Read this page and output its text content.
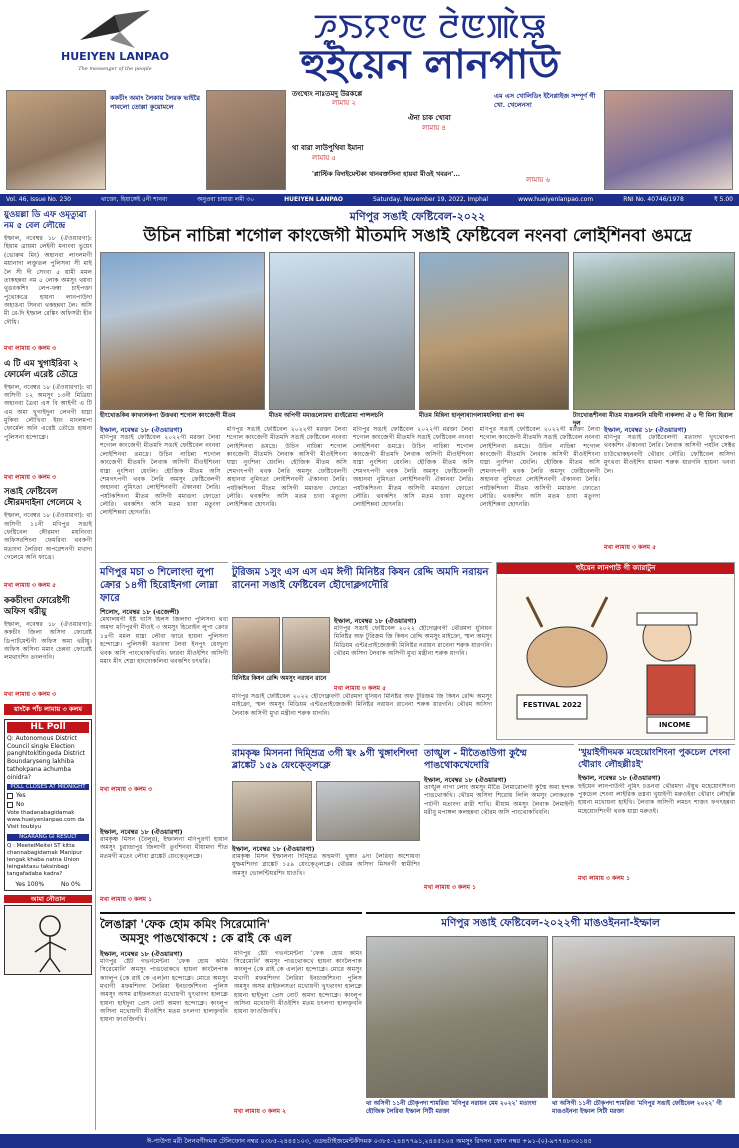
HUEIYEN LANPAO
The messenger of the people
ꯍꯨꯏꯌꯦꯟ ꯂꯥꯟꯄꯥꯎ
হুইয়েন লানপাউ
ককচীং অমাং লৈকায় লৈরক ভাইরৈ পাবলো তোল্লা কুয়োমলে
তংখ্যেং নাঃতমদু উরকপ্পে
লামায় ২
ঐনা চাক খোবা
লামায় ৪
থা বারা লাউপুথিবা ইমানা
লামায় ৫
'প্লাস্টিক বিদাইমেন্টকা থানবক্তসিনা হায়বা মীওই খবরন'...
এম এস খোলিডিং ইনৈপ্লাইজ সম্পূর্ণ গী খো. খেলেনসা
লামায় ৬
Vol. 46, Issue No. 230	থাক্তো, হিয়াঙ্গেই ৫নী শানবা	অনুপ্রবা চায়াৱা লমী ৩০	HUEIYEN LANPAO	Saturday, November 19, 2022, Imphal	www.hueiyenlanpao.com	RNI No. 40746/1978	₹ 5.00
য়ুওয়ল্লা ডি এফ ওমৃত্যুৱা নম ৫ বেল লৌন্দ্রে
ইম্ফাল, নবেম্বর ১৮ (ঐওয়ারগা): হিয়াম ত্রায়মা লেইনী মনাংবা ভুয়েং (ভোরুম মিং) অহানবা লাংলমগী ময়ানাদা লক্তুতল পুলিসনা সী মাই লৈ সী দী সেংবা ৫ য়ামী মমল তাকহন্নবা নম ৫ লোক অমসুং থয়বা থুঙবকশিং লেপ-ফম্বা চাইপক্তা পুথোকখ্রে হায়না লানপাউদা অহাঙবা সিনবা থকহন্নবা লৈ। অসি মী রে-দি ইম্ফাল রেঙ্কিং অফিসরী হীন দৌধি।
মখা লামায় ৩ কলম ৩
এ টি এম খুগাইরিবা ২ ফোর্মেল এরেষ্ট তৌদ্রে
ইম্ফাল, নবেম্বর ১৮ (ঐওয়ারগা): থা অসিগী ১২ অমসুং ১৩নী মিত্রিয়া অহানবা ত্রৈবা এস বি আইগী এ টি এম অমা খুগাইদুনা লেনগী য়াম্না মুকিবা লৌখিবা ইয়ং মাংলমপা ফোর্মেল অনি এরেষ্ট তৌদ্রে হায়না পুলিসনা হন্দোক্লে।
মখা লামায় ৩ কলম ৩
সঙাই ফেষ্টিবেল ঈৌরমদাইনা গেলেমে ২
ইম্ফাল, নবেম্বর ১৮ (ঐওয়ারগা): থা অসিগী ১১নী মণিপুর সঙাই ফেষ্টিবেল ঈৌরমদা ময়নিংবা অফিসরশিংনা ফেমরিবা থবকগী মতাংদা লৈরিবা অপরেশনগী মখাদা গেলেমে অনি ফাখ্রে।
মখা লামায় ৩ কলম ৫
ককচীংদা ফোরেষ্টগী অফিস থরীয়ু
ইম্ফাল, নবেম্বর ১৮ (ঐওয়ারগা): ককচীং জিলা অসিদা ফোরেষ্ট ডিপার্টমেন্টগী অফিস অমা থরীয়ু। অফিস অসিনা মমাং চেন্নবা ফোরেষ্ট লমথাংশিং তংলগনি।
মখা লামায় ৩ কলম ৩
য়াংকৈ পাঁচ লামায় ৩ কলম
HL Poll
Q: Autonomous District Council single Election panghltokltingeda District Boundaryseng lakhiba tathokpana achumba oinidra?
POLL CLOSES AT MIDNIGHT
Yes
No
Vote thadanabagidamak www.hueiyenlanpao.com da Visit toubiyu
NGARANG GI RESULT
Q : MeeteiMeitei ST kitta channabagidamak Manipur lengak khaba natna Union leingaktasu taksinbagi tangafadaba kadra?
Yes 100%	No 0%
আমা নৌতান
মণিপুর সঙাই ফেষ্টিবেল-২০২২
উচিন নাচিন্না শগোল কাংজেগী মীতমদি সঙাই ফেষ্টিবেল নংনবা লোইশিনবা ঙমদ্রে
হীংখোঙকিধ কাখংলকপা উত্তথবা শগোল কাংজেগী মীতম	মীতম অপিগী মমাঙলোমদা রাংইরোমা পান্সলচনি	মীতম মিন্নিনা হান্লাব্যাগলামযলিয়া রাপা কম	টাংখোঙশীনবা মীতম মাঙলমনি ময়িগী নাকলদা ঐ ৫ দী মিনা হিরাল দুল
ইম্ফাল, নবেম্বর ১৮ (ঐওয়ারগা)
মণিপুর সঙাই ফেষ্টিবেল ২০২২গী মরক্তা লৈবা শগোল কাংজেগী মীতমদি সঙাই ফেষ্টিবেল নংনবা লোইশিনবা ঙমদ্রে। উচিন নাচিন্না শগোল কাংজেগী মীতমদি লৈবাক অসিগী মীওইশিংনা যাম্না নুংশিনা য়েংলি। হৌজিক মীতম অসি শেমগৎপগী থবক লৈরি অমসুং ফেষ্টিবেলগী অহানবা নুমিৎতা লোইশিনবগী ঐকানবা লৈরি। পর্যটকশিংনা মীতম অসিগী মমাঙদা ফোতো লৌরি। থবকশিং অসি মতম চাবা মতুংদা লোইশিন্নবা হোৎনরি।
মণিপুর সঙাই ফেষ্টিবেল ২০২২গী মরক্তা লৈবা শগোল কাংজেগী মীতমদি সঙাই ফেষ্টিবেল নংনবা লোইশিনবা ঙমদ্রে। উচিন নাচিন্না শগোল কাংজেগী মীতমদি লৈবাক অসিগী মীওইশিংনা যাম্না নুংশিনা য়েংলি। হৌজিক মীতম অসি শেমগৎপগী থবক লৈরি অমসুং ফেষ্টিবেলগী অহানবা নুমিৎতা লোইশিনবগী ঐকানবা লৈরি। পর্যটকশিংনা মীতম অসিগী মমাঙদা ফোতো লৌরি। থবকশিং অসি মতম চাবা মতুংদা লোইশিন্নবা হোৎনরি।
মণিপুর সঙাই ফেষ্টিবেল ২০২২গী মরক্তা লৈবা শগোল কাংজেগী মীতমদি সঙাই ফেষ্টিবেল নংনবা লোইশিনবা ঙমদ্রে। উচিন নাচিন্না শগোল কাংজেগী মীতমদি লৈবাক অসিগী মীওইশিংনা যাম্না নুংশিনা য়েংলি। হৌজিক মীতম অসি শেমগৎপগী থবক লৈরি অমসুং ফেষ্টিবেলগী অহানবা নুমিৎতা লোইশিনবগী ঐকানবা লৈরি। পর্যটকশিংনা মীতম অসিগী মমাঙদা ফোতো লৌরি। থবকশিং অসি মতম চাবা মতুংদা লোইশিন্নবা হোৎনরি।
মণিপুর সঙাই ফেষ্টিবেল ২০২২গী মরক্তা লৈবা শগোল কাংজেগী মীতমদি সঙাই ফেষ্টিবেল নংনবা লোইশিনবা ঙমদ্রে। উচিন নাচিন্না শগোল কাংজেগী মীতমদি লৈবাক অসিগী মীওইশিংনা যাম্না নুংশিনা য়েংলি। হৌজিক মীতম অসি শেমগৎপগী থবক লৈরি অমসুং ফেষ্টিবেলগী অহানবা নুমিৎতা লোইশিনবগী ঐকানবা লৈরি। পর্যটকশিংনা মীতম অসিগী মমাঙদা ফোতো লৌরি। থবকশিং অসি মতম চাবা মতুংদা লোইশিন্নবা হোৎনরি।
ইম্ফাল, নবেম্বর ১৮ (ঐওয়ারগা)
মণিপুর সঙাই ফেষ্টিবেলগী মতাংদা খুৎথোকপা থবকশিং ঐকানবা লৈরি। লৈবাক অসিগী পর্যটন সেক্টর চাউথোকহনবগী থৌরাং লৌরি। ফেষ্টিবেল অসিদা মুৎথবা মীওইশিং য়ামনা শরুক য়ারগনি হায়না খনবা লৈ।
মখা লামায় ৩ কলম ৫
মণিপুর মচা ৩ শিলোংদা লুপা ক্রোর ১৪গী হিরোইনগা লোম্না ফারে
শিলোং, নবেম্বর ১৮ (এজেন্সী)
মেঘালয়গী ইষ্ট খাসি হিলস জিলাদা পুলিসনা থবা অমদা মণিপুরগী মীওই ৩ অমসুং হিরোইন লুপা ক্রোর ১৪গী মমল য়াম্না লৌবা ফারে হায়না পুলিসনা হন্দোক্লে। পুলিসকী মতাংদা লৈবা ইনপুৎ য়েংদুনা থবক অসি পাংথোকখিবনি। ফারবা মীওইশিং অসিগী মমাং মীৎ শেম্না হাংদোকলিবা থবকশিং চৎথরি।
মখা লামায় ৩ কলম ৩
টুরিজম ১সুং এস এস এম ঈগী মিনিষ্টর কিষন রেদ্দি অমদি নরায়ন রানেনা সঙাই ফেষ্টিবেল হৌদোক্লগদৌরি
মিনিষ্টর কিষন রেদ্দি অমসুং নরায়ন রানে
ইম্ফাল, নবেম্বর ১৮ (ঐওয়ারগা)
মণিপুর সঙাই ফেষ্টিবেল ২০২২ হৌদোক্নবগী থৌরমদা য়ুনিয়ন মিনিষ্টর অফ টুরিজম জি কিষন রেদ্দি অমসুং মাইক্রো, স্মল অমসুং মিডিয়ম এন্টরপ্রাইজেজকী মিনিষ্টর নরায়ন রানেনা শরুক য়ারগনি। থৌরম অসিদা লৈবাক অসিগী মুখ্য মন্ত্রীনা শরুক য়াগনি।
মখা লামায় ৩ কলম ৫
মণিপুর সঙাই ফেষ্টিবেল ২০২২ হৌদোক্নবগী থৌরমদা য়ুনিয়ন মিনিষ্টর অফ টুরিজম জি কিষন রেদ্দি অমসুং মাইক্রো, স্মল অমসুং মিডিয়ম এন্টরপ্রাইজেজকী মিনিষ্টর নরায়ন রানেনা শরুক য়ারগনি। থৌরম অসিদা লৈবাক অসিগী মুখ্য মন্ত্রীনা শরুক য়াগনি।
হুইয়েন লানপাউ গী ক্যারাটুন
FESTIVAL 2022
INCOME
রামকৃষ্ণ মিসননা দিম্ম্রিত্র ৩গী খ্বং ৯গী খুঙ্গাংশিংদা ব্লাঙ্কেট ১৫৯ য়েংক্ত্লেক্লে
ইম্ফাল, নবেম্বর ১৮ (ঐওয়ারগা)
রামকৃষ্ণ মিসন ইম্ফালনা দিম্ম্রিত্র অহুমগী খুঙ্গাং ৯দা লৈরিবা অশোয়বা য়ুম্ফমশিংদা ব্লাঙ্কেট ১৫৯ য়েংক্ত্লেক্লে। থৌরম অসিদা মিসনগী স্বামীশিং অমসুং ভোলন্টিয়রশিং য়াওখি।
তাঙ্খুল - মীতৈঙাউগা কুম্মৈ পাঙথোকখেদোরি
ইম্ফাল, নবেম্বর ১৮ (ঐওয়ারগা)
তাঙ্খুল নাগা লোং অমসুং মীতৈ লৈমারোলগী কুম্মৈ অমা হন্দক পাঙথোকখি। থৌরম অসিদা শিরোয় লিলি অমসুং লোকতাক পাটগী মতাংদা ৱারী শাখি। মীয়াম অমসুং লৈবাক লৈমাইগী মরীবু মপাঙ্গল কলহন্নবা থৌরম অসি পাংথোকখিবনি।
মখা লামায় ৩ কলম ১
'খুয়াইগীদমক মহেয়োংশিংনা পুকচেল শেংনা থৌরাং লৌহল্লীঃই'
ইম্ফাল, নবেম্বর ১৮ (ঐওয়ারগা)
হুইয়েন লানপাউগী নুমিৎ চঙনবা থৌরমদা ঐয়ুথ মহেয়োংশিংনা পুকচেল শেংনা লাইরিক তম্নবা খুয়াইগী মরুওইবা থৌরাং লৌহল্লি হায়না মখোয়না হাইখি। লৈবাক অসিগী লমচৎ শাজৎ ফগৎহন্নবা মহেয়োংশিংগী থবক য়াম্না মরুওই।
মখা লামায় ৩ কলম ১
ইম্ফাল, নবেম্বর ১৮ (ঐওয়ারগা)
রামকৃষ্ণ মিসন (বৈলুর), ইম্ফালনা মণিপুরগী হায়ান অমসুং চুৱান্দ্রাপুর জিলাগী তুংশিনবা মীয়ামদা শীত মতমগী মতেং লৌবা ব্লাঙ্কেট য়েংক্ত্লেক্লে।
মখা লামায় ৩ কলম ১
লৈঙাক্না 'ফেক হোম কমিং সিরেমোনি'
অমসুং পাঙথোকখে : কে ৱাই কে এল
ইম্ফাল, নবেম্বর ১৮ (ঐওয়ারগা)
মণিপুর ষ্টেট গভর্নমেন্টনা 'ফেক হোম কমিং সিরেমোনি' অমসুং পাঙথোকখে হায়না কাংলৈপাক কাংলুপ (কে ৱাই কে এল)না হন্দোক্লে। মোরে অমসুং মখাগী মফমশিংদা লৈরিবা ইনচার্জশিংনা পুলিস অমসুং অসম রাইফলসতা মখোয়গী খুৎথাংদা হালক্লে হায়না হাইদুনা প্রেস নোট অমদা হন্দোক্লে। কাংলুপ অসিনা মখোয়গী মীওইশিং মতম চৎলগা হালক্তৃবনি হায়না ফাওজিনখি।
মণিপুর ষ্টেট গভর্নমেন্টনা 'ফেক হোম কমিং সিরেমোনি' অমসুং পাঙথোকখে হায়না কাংলৈপাক কাংলুপ (কে ৱাই কে এল)না হন্দোক্লে। মোরে অমসুং মখাগী মফমশিংদা লৈরিবা ইনচার্জশিংনা পুলিস অমসুং অসম রাইফলসতা মখোয়গী খুৎথাংদা হালক্লে হায়না হাইদুনা প্রেস নোট অমদা হন্দোক্লে। কাংলুপ অসিনা মখোয়গী মীওইশিং মতম চৎলগা হালক্তৃবনি হায়না ফাওজিনখি।
মখা লামায় ৩ কলম ২
মণিপুর সঙাই ফেষ্টিবেল-২০২২গী মাঙওইননা-ইম্ফাল
থা অসিগী ১১নী চৌকৃপদা শামরিবা 'মণিপুর নরায়ন মেম ২০২২' মতাংদা হৌজিক লৈরিবা ইম্ফাল সিটী মরক্তা
থা অসিগী ১১নী চৌকৃপদা শামরিবা 'মণিপুর সঙাই ফেষ্টিবেল ২০২২' গী মাঙওইননা ইম্ফাল সিটী মরক্তা
ঈ-পাউগা মরী লৈনবগীদমক টেলিফোন নম্বর ০৩৮৫-২৪৪৫১০৩, এডভটাইজমেন্টকীদমক ০৩৮৫-২৪৪৭৭৯১,২৪৪৫১০৪ অমসুং রিদসন ফোন নম্বর +৯১-(০)-৯৭৭৪৮৩০১৪৫
